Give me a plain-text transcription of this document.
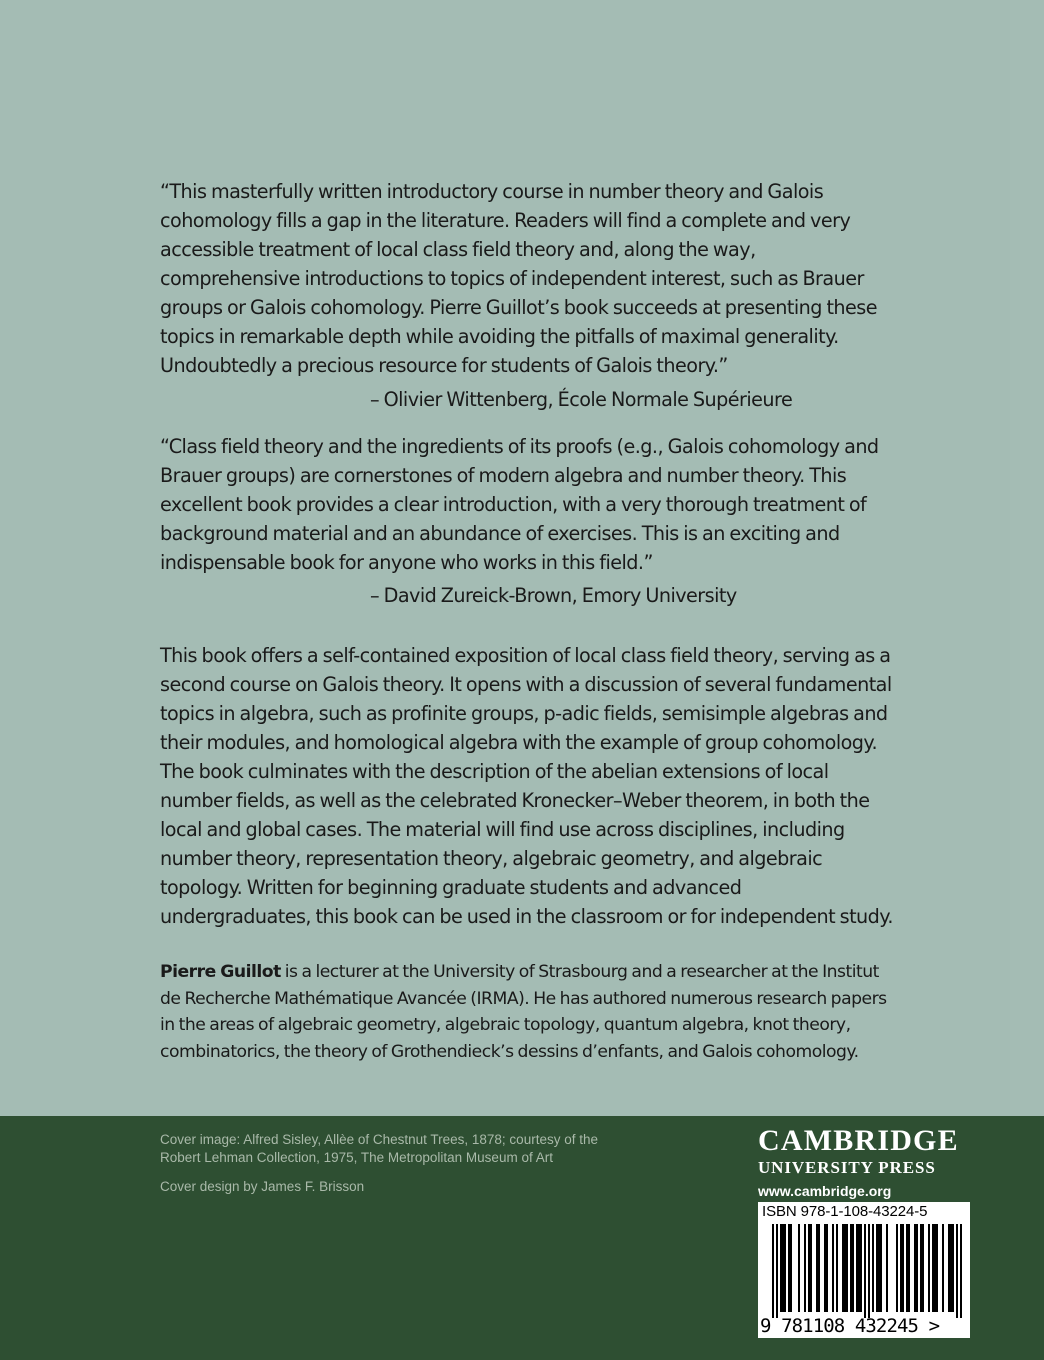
“This masterfully written introductory course in number theory and Galois cohomology fills a gap in the literature. Readers will find a complete and very accessible treatment of local class field theory and, along the way, comprehensive introductions to topics of independent interest, such as Brauer groups or Galois cohomology. Pierre Guillot’s book succeeds at presenting these topics in remarkable depth while avoiding the pitfalls of maximal generality. Undoubtedly a precious resource for students of Galois theory.”

– Olivier Wittenberg, École Normale Supérieure

“Class field theory and the ingredients of its proofs (e.g., Galois cohomology and Brauer groups) are cornerstones of modern algebra and number theory. This excellent book provides a clear introduction, with a very thorough treatment of background material and an abundance of exercises. This is an exciting and indispensable book for anyone who works in this field.”

– David Zureick-Brown, Emory University

This book offers a self-contained exposition of local class field theory, serving as a second course on Galois theory. It opens with a discussion of several fundamental topics in algebra, such as profinite groups, p-adic fields, semisimple algebras and their modules, and homological algebra with the example of group cohomology. The book culminates with the description of the abelian extensions of local number fields, as well as the celebrated Kronecker–Weber theorem, in both the local and global cases. The material will find use across disciplines, including number theory, representation theory, algebraic geometry, and algebraic topology. Written for beginning graduate students and advanced undergraduates, this book can be used in the classroom or for independent study.

Pierre Guillot is a lecturer at the University of Strasbourg and a researcher at the Institut de Recherche Mathématique Avancée (IRMA). He has authored numerous research papers in the areas of algebraic geometry, algebraic topology, quantum algebra, knot theory, combinatorics, the theory of Grothendieck’s dessins d’enfants, and Galois cohomology.

Cover image: Alfred Sisley, Allèe of Chestnut Trees, 1878; courtesy of the Robert Lehman Collection, 1975, The Metropolitan Museum of Art

Cover design by James F. Brisson

CAMBRIDGE
UNIVERSITY PRESS
www.cambridge.org
ISBN 978-1-108-43224-5
9 781108 432245 >
